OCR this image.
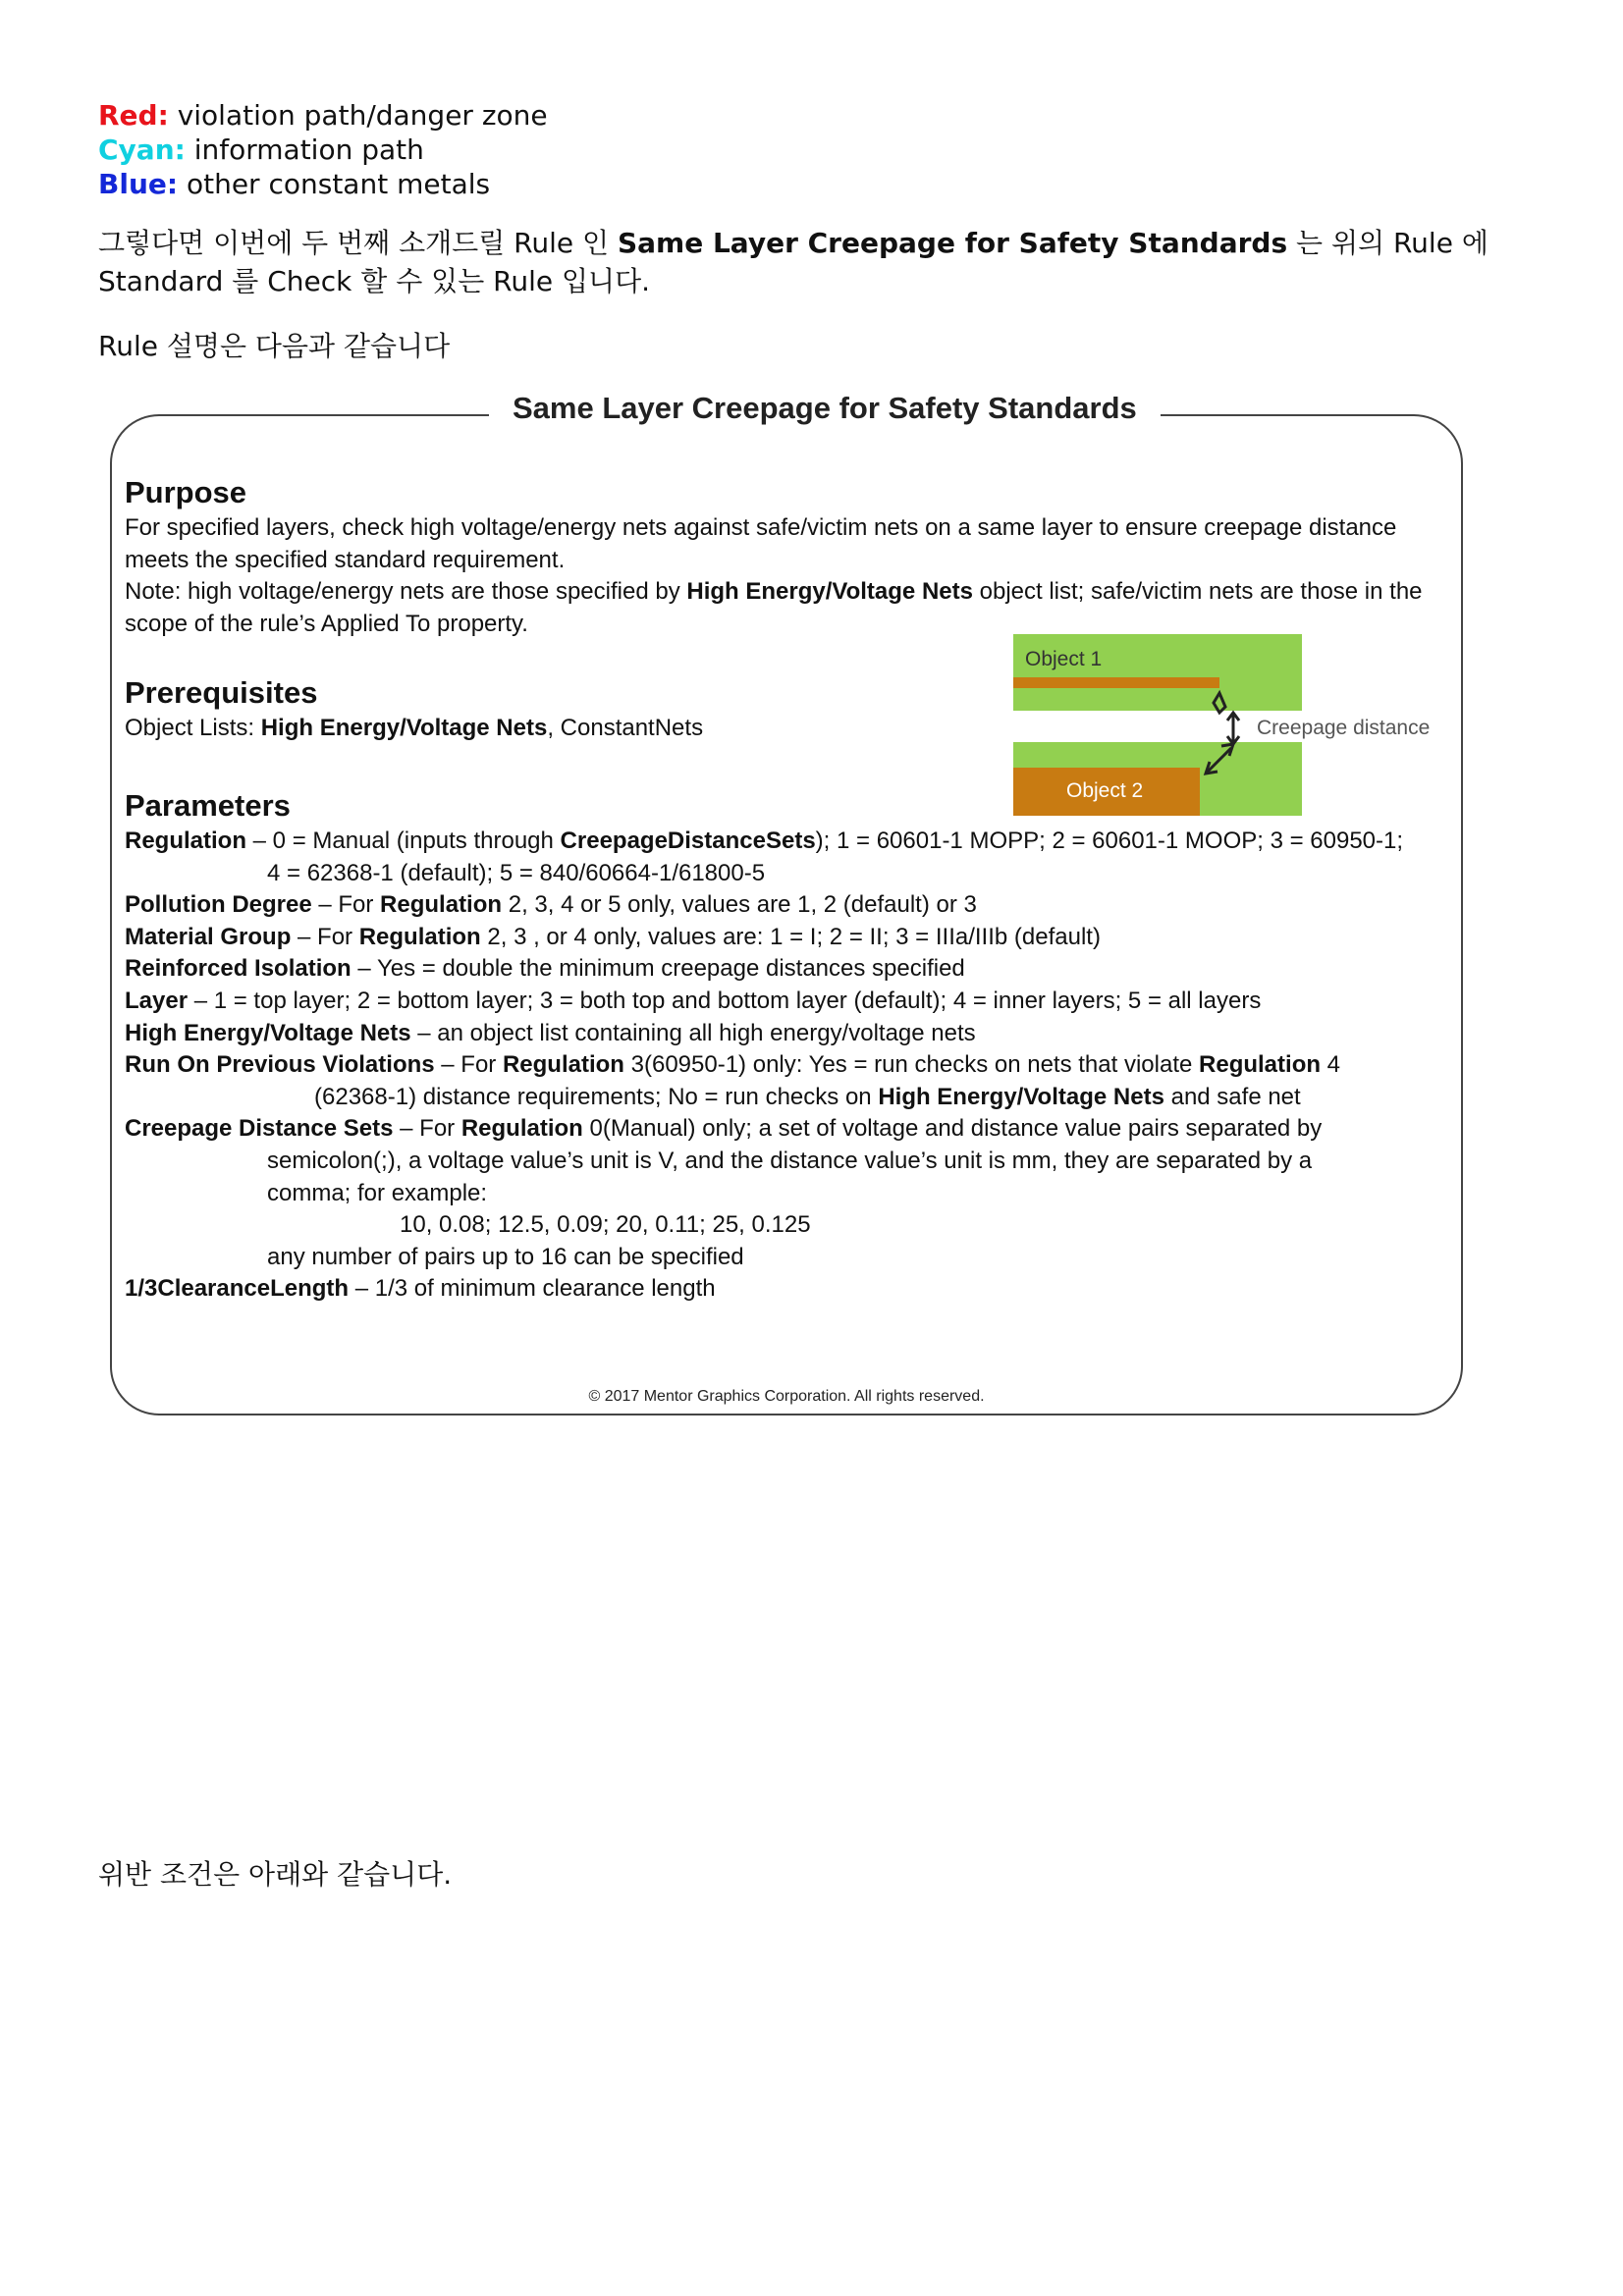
Red: violation path/danger zone
Cyan: information path
Blue: other constant metals
그렇다면 이번에 두 번째 소개드릴 Rule 인 Same Layer Creepage for Safety Standards 는 위의 Rule 에 Standard 를 Check 할 수 있는 Rule 입니다.
Rule 설명은 다음과 같습니다
Same Layer Creepage for Safety Standards
Purpose
For specified layers, check high voltage/energy nets against safe/victim nets on a same layer to ensure creepage distance meets the specified standard requirement.
Note: high voltage/energy nets are those specified by High Energy/Voltage Nets object list; safe/victim nets are those in the scope of the rule’s Applied To property.
Prerequisites
Object Lists: High Energy/Voltage Nets, ConstantNets
Parameters
Regulation – 0 = Manual (inputs through CreepageDistanceSets); 1 = 60601-1 MOPP; 2 = 60601-1 MOOP; 3 = 60950-1;
4 = 62368-1 (default); 5 = 840/60664-1/61800-5
Pollution Degree – For Regulation 2, 3, 4 or 5 only, values are 1, 2 (default) or 3
Material Group – For Regulation 2, 3 , or 4 only, values are: 1 = I; 2 = II; 3 = IIIa/IIIb (default)
Reinforced Isolation – Yes = double the minimum creepage distances specified
Layer – 1 = top layer; 2 = bottom layer; 3 = both top and bottom layer (default); 4 = inner layers; 5 = all layers
High Energy/Voltage Nets – an object list containing all high energy/voltage nets
Run On Previous Violations – For Regulation 3(60950-1) only: Yes = run checks on nets that violate Regulation 4
(62368-1) distance requirements; No = run checks on High Energy/Voltage Nets and safe net
Creepage Distance Sets – For Regulation 0(Manual) only; a set of voltage and distance value pairs separated by
semicolon(;), a voltage value’s unit is V, and the distance value’s unit is mm, they are separated by a
comma; for example:
10, 0.08; 12.5, 0.09; 20, 0.11; 25, 0.125
any number of pairs up to 16 can be specified
1/3ClearanceLength – 1/3 of minimum clearance length
© 2017 Mentor Graphics Corporation. All rights reserved.
Object 1
Object 2
Creepage distance
위반 조건은 아래와 같습니다.
